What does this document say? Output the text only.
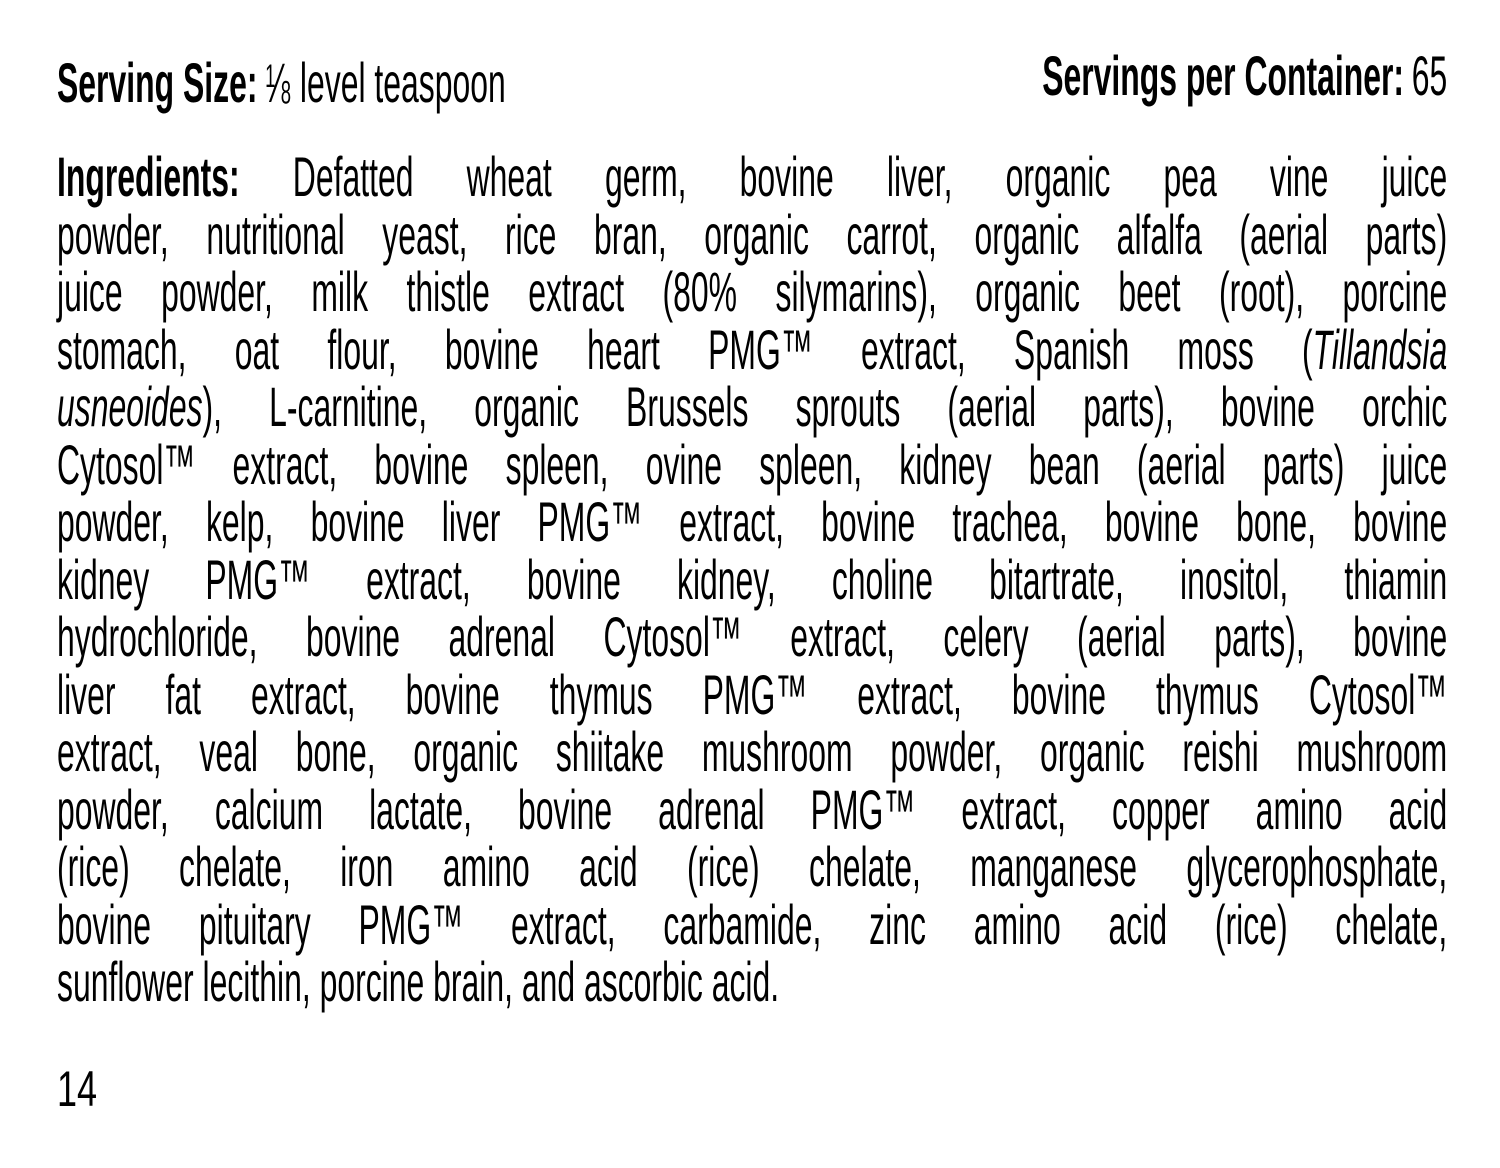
Serving Size: $^1⁄_8$ level teaspoon	Servings per Container: 65
Ingredients: Defatted wheat germ, bovine liver, organic pea vine juice
powder, nutritional yeast, rice bran, organic carrot, organic alfalfa (aerial parts)
juice powder, milk thistle extract (80% silymarins), organic beet (root), porcine
stomach, oat flour, bovine heart PMG™ extract, Spanish moss (Tillandsia
usneoides), L-carnitine, organic Brussels sprouts (aerial parts), bovine orchic
Cytosol™ extract, bovine spleen, ovine spleen, kidney bean (aerial parts) juice
powder, kelp, bovine liver PMG™ extract, bovine trachea, bovine bone, bovine
kidney PMG™ extract, bovine kidney, choline bitartrate, inositol, thiamin
hydrochloride, bovine adrenal Cytosol™ extract, celery (aerial parts), bovine
liver fat extract, bovine thymus PMG™ extract, bovine thymus Cytosol™
extract, veal bone, organic shiitake mushroom powder, organic reishi mushroom
powder, calcium lactate, bovine adrenal PMG™ extract, copper amino acid
(rice) chelate, iron amino acid (rice) chelate, manganese glycerophosphate,
bovine pituitary PMG™ extract, carbamide, zinc amino acid (rice) chelate,
sunflower lecithin, porcine brain, and ascorbic acid.
14
